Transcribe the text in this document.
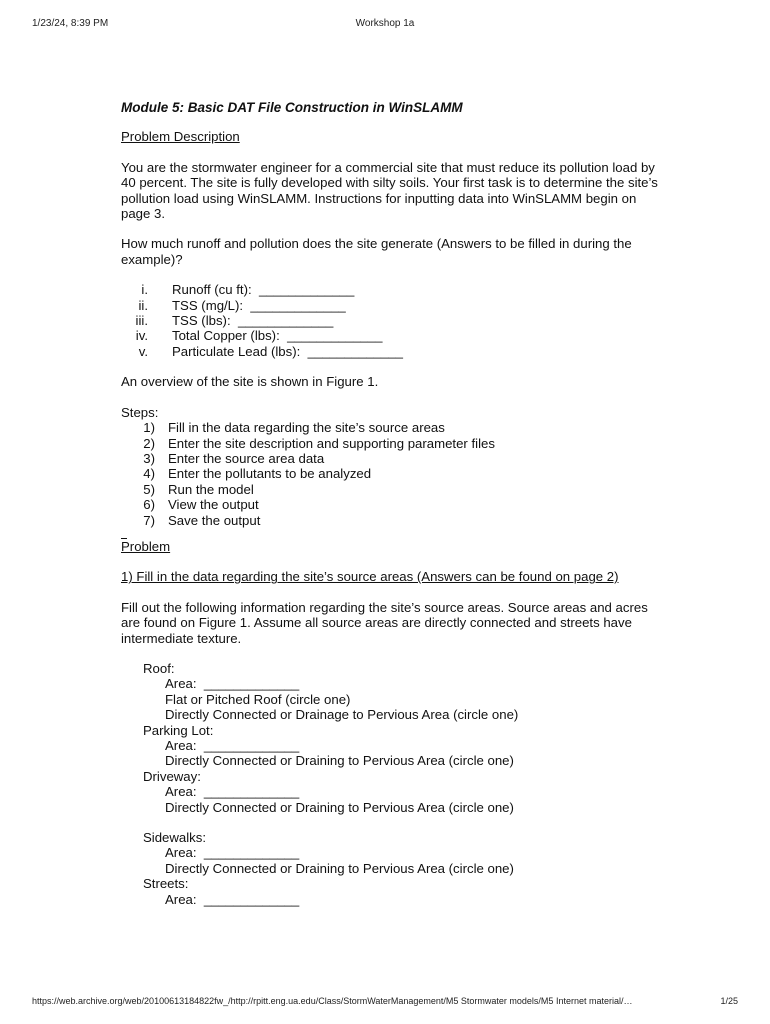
1/23/24, 8:39 PM	Workshop 1a

Module 5: Basic DAT File Construction in WinSLAMM

Problem Description

You are the stormwater engineer for a commercial site that must reduce its pollution load by 40 percent. The site is fully developed with silty soils. Your first task is to determine the site’s pollution load using WinSLAMM. Instructions for inputting data into WinSLAMM begin on page 3.

How much runoff and pollution does the site generate (Answers to be filled in during the example)?

i.	Runoff (cu ft):  _____________
ii.	TSS (mg/L):  _____________
iii.	TSS (lbs):  _____________
iv.	Total Copper (lbs):  _____________
v.	Particulate Lead (lbs):  _____________

An overview of the site is shown in Figure 1.

Steps:

1) Fill in the data regarding the site’s source areas
2) Enter the site description and supporting parameter files
3) Enter the source area data
4) Enter the pollutants to be analyzed
5) Run the model
6) View the output
7) Save the output

Problem

1) Fill in the data regarding the site’s source areas (Answers can be found on page 2)

Fill out the following information regarding the site’s source areas. Source areas and acres are found on Figure 1. Assume all source areas are directly connected and streets have intermediate texture.

Roof:
Area:  _____________
Flat or Pitched Roof (circle one)
Directly Connected or Drainage to Pervious Area (circle one)
Parking Lot:
Area:  _____________
Directly Connected or Draining to Pervious Area (circle one)
Driveway:
Area:  _____________
Directly Connected or Draining to Pervious Area (circle one)
Sidewalks:
Area:  _____________
Directly Connected or Draining to Pervious Area (circle one)
Streets:
Area:  _____________
https://web.archive.org/web/20100613184822fw_/http://rpitt.eng.ua.edu/Class/StormWaterManagement/M5 Stormwater models/M5 Internet material/…	1/25
